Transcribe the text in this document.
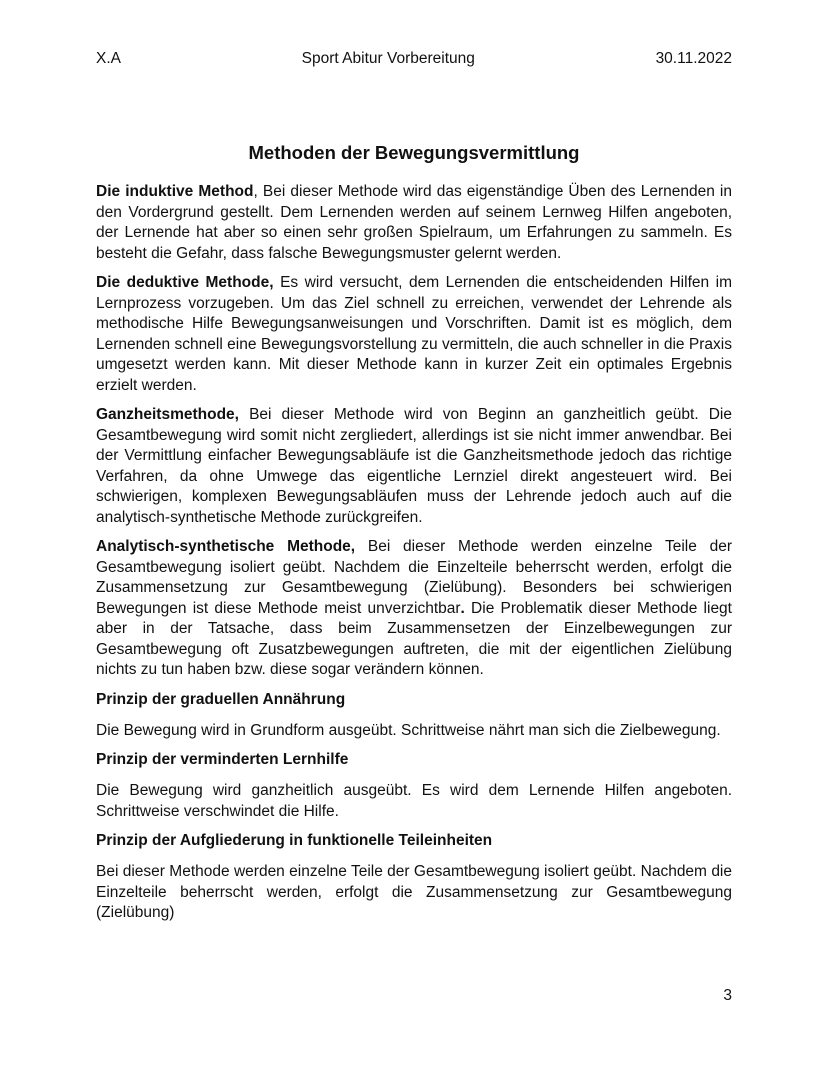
X.A	Sport Abitur Vorbereitung	30.11.2022
Methoden der Bewegungsvermittlung

Die induktive Method, Bei dieser Methode wird das eigenständige Üben des Lernenden in den Vordergrund gestellt. Dem Lernenden werden auf seinem Lernweg Hilfen angeboten, der Lernende hat aber so einen sehr großen Spielraum, um Erfahrungen zu sammeln. Es besteht die Gefahr, dass falsche Bewegungsmuster gelernt werden.

Die deduktive Methode, Es wird versucht, dem Lernenden die entscheidenden Hilfen im Lernprozess vorzugeben. Um das Ziel schnell zu erreichen, verwendet der Lehrende als methodische Hilfe Bewegungsanweisungen und Vorschriften. Damit ist es möglich, dem Lernenden schnell eine Bewegungsvorstellung zu vermitteln, die auch schneller in die Praxis umgesetzt werden kann. Mit dieser Methode kann in kurzer Zeit ein optimales Ergebnis erzielt werden.

Ganzheitsmethode, Bei dieser Methode wird von Beginn an ganzheitlich geübt. Die Gesamtbewegung wird somit nicht zergliedert, allerdings ist sie nicht immer anwendbar. Bei der Vermittlung einfacher Bewegungsabläufe ist die Ganzheitsmethode jedoch das richtige Verfahren, da ohne Umwege das eigentliche Lernziel direkt angesteuert wird. Bei schwierigen, komplexen Bewegungsabläufen muss der Lehrende jedoch auch auf die analytisch-synthetische Methode zurückgreifen.

Analytisch-synthetische Methode, Bei dieser Methode werden einzelne Teile der Gesamtbewegung isoliert geübt. Nachdem die Einzelteile beherrscht werden, erfolgt die Zusammensetzung zur Gesamtbewegung (Zielübung). Besonders bei schwierigen Bewegungen ist diese Methode meist unverzichtbar. Die Problematik dieser Methode liegt aber in der Tatsache, dass beim Zusammensetzen der Einzelbewegungen zur Gesamtbewegung oft Zusatzbewegungen auftreten, die mit der eigentlichen Zielübung nichts zu tun haben bzw. diese sogar verändern können.

Prinzip der graduellen Annährung

Die Bewegung wird in Grundform ausgeübt. Schrittweise nährt man sich die Zielbewegung.

Prinzip der verminderten Lernhilfe

Die Bewegung wird ganzheitlich ausgeübt. Es wird dem Lernende Hilfen angeboten. Schrittweise verschwindet die Hilfe.

Prinzip der Aufgliederung in funktionelle Teileinheiten

Bei dieser Methode werden einzelne Teile der Gesamtbewegung isoliert geübt. Nachdem die Einzelteile beherrscht werden, erfolgt die Zusammensetzung zur Gesamtbewegung (Zielübung)

3
